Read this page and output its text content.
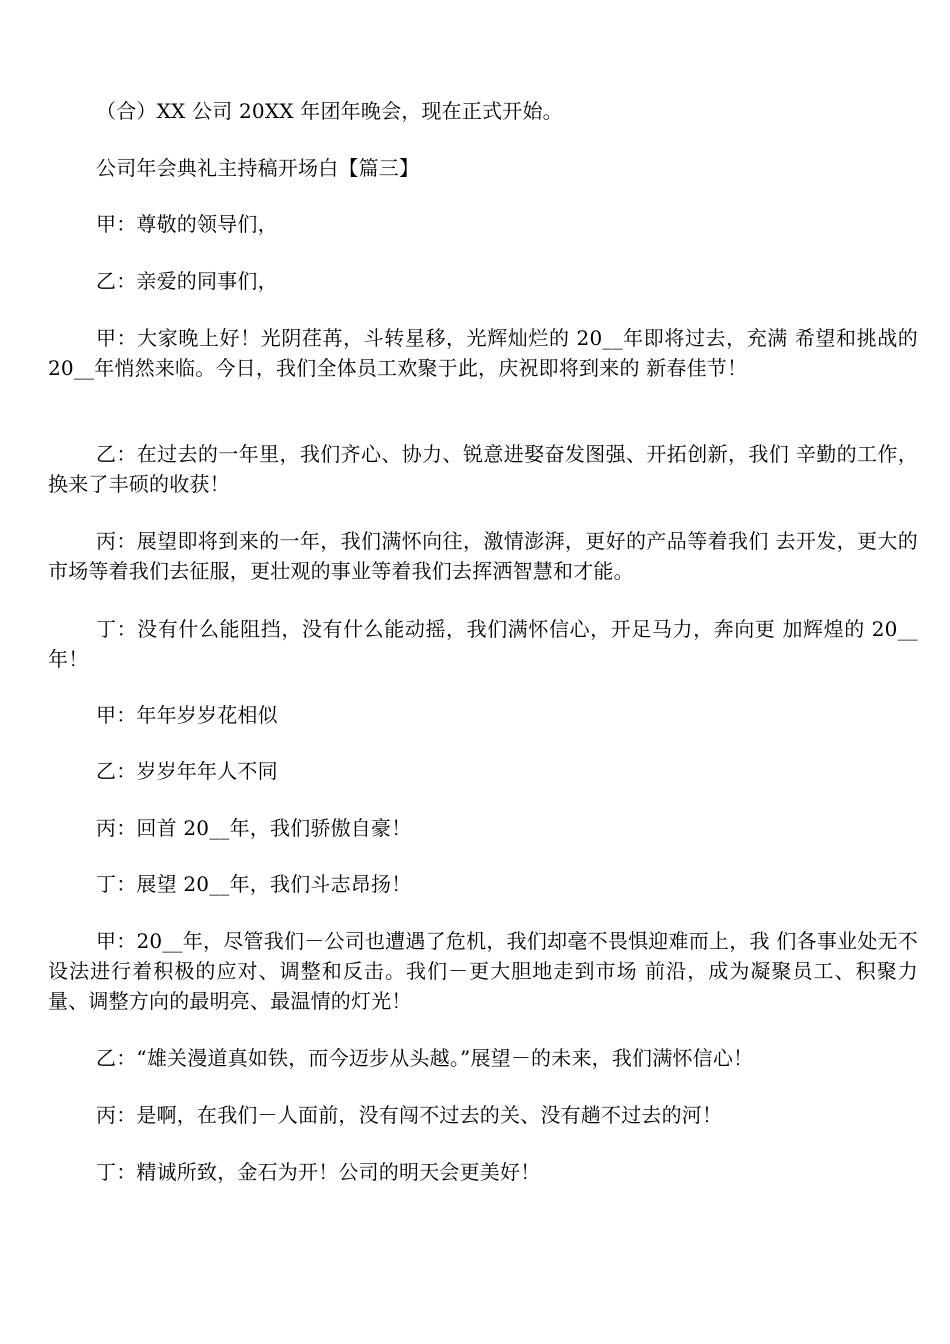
（合）XX 公司 20XX 年团年晚会，现在正式开始。

公司年会典礼主持稿开场白【篇三】

甲：尊敬的领导们，

乙：亲爱的同事们，

甲：大家晚上好！光阴荏苒，斗转星移，光辉灿烂的 20__年即将过去，充满 希望和挑战的 20__年悄然来临。今日，我们全体员工欢聚于此，庆祝即将到来的 新春佳节！

乙：在过去的一年里，我们齐心、协力、锐意进娶奋发图强、开拓创新，我们 辛勤的工作，换来了丰硕的收获！

丙：展望即将到来的一年，我们满怀向往，激情澎湃，更好的产品等着我们 去开发，更大的市场等着我们去征服，更壮观的事业等着我们去挥洒智慧和才能。

丁：没有什么能阻挡，没有什么能动摇，我们满怀信心，开足马力，奔向更 加辉煌的 20__年！

甲：年年岁岁花相似

乙：岁岁年年人不同

丙：回首 20__年，我们骄傲自豪！

丁：展望 20__年，我们斗志昂扬！

甲：20__年，尽管我们－公司也遭遇了危机，我们却毫不畏惧迎难而上，我 们各事业处无不设法进行着积极的应对、调整和反击。我们－更大胆地走到市场 前沿，成为凝聚员工、积聚力量、调整方向的最明亮、最温情的灯光！

乙：“雄关漫道真如铁，而今迈步从头越。”展望－的未来，我们满怀信心！

丙：是啊，在我们－人面前，没有闯不过去的关、没有趟不过去的河！

丁：精诚所致，金石为开！公司的明天会更美好！
